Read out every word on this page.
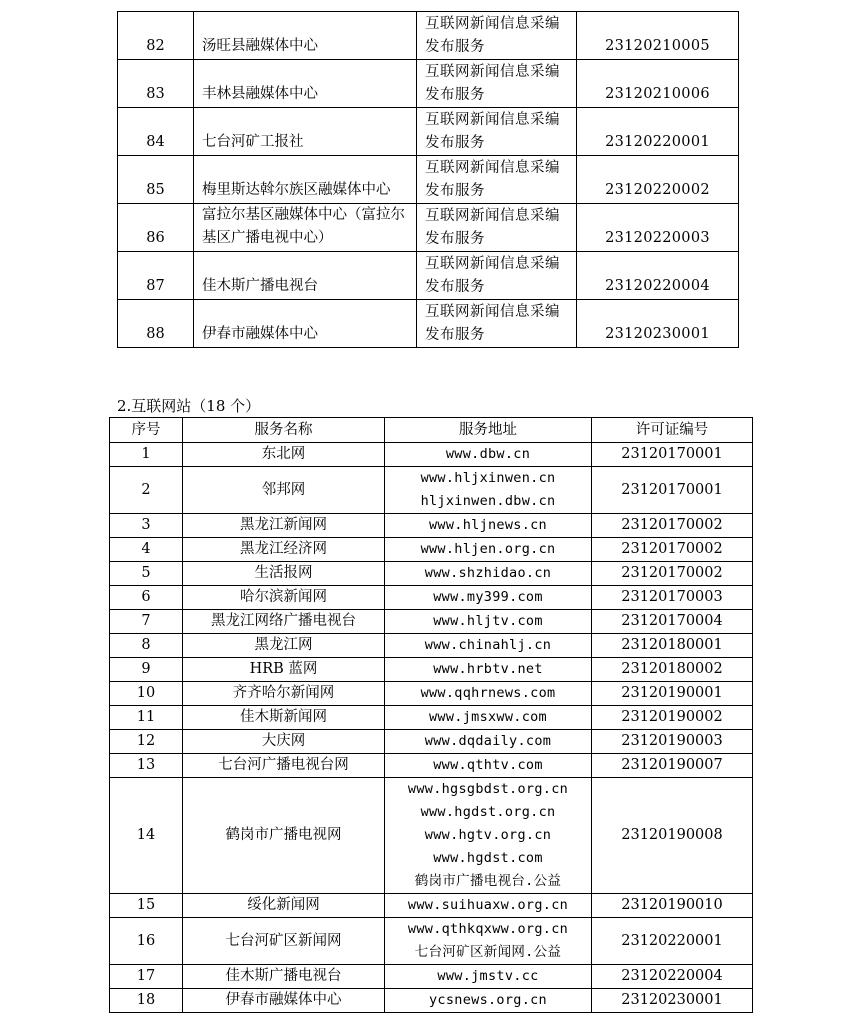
82	汤旺县融媒体中心	互联网新闻信息采编发布服务	23120210005
83	丰林县融媒体中心	互联网新闻信息采编发布服务	23120210006
84	七台河矿工报社	互联网新闻信息采编发布服务	23120220001
85	梅里斯达斡尔族区融媒体中心	互联网新闻信息采编发布服务	23120220002
86	富拉尔基区融媒体中心（富拉尔基区广播电视中心）	互联网新闻信息采编发布服务	23120220003
87	佳木斯广播电视台	互联网新闻信息采编发布服务	23120220004
88	伊春市融媒体中心	互联网新闻信息采编发布服务	23120230001
2.互联网站（18 个）
序号	服务名称	服务地址	许可证编号
1	东北网	www.dbw.cn	23120170001
2	邻邦网	www.hljxinwen.cn
hljxinwen.dbw.cn	23120170001
3	黑龙江新闻网	www.hljnews.cn	23120170002
4	黑龙江经济网	www.hljen.org.cn	23120170002
5	生活报网	www.shzhidao.cn	23120170002
6	哈尔滨新闻网	www.my399.com	23120170003
7	黑龙江网络广播电视台	www.hljtv.com	23120170004
8	黑龙江网	www.chinahlj.cn	23120180001
9	HRB 蓝网	www.hrbtv.net	23120180002
10	齐齐哈尔新闻网	www.qqhrnews.com	23120190001
11	佳木斯新闻网	www.jmsxww.com	23120190002
12	大庆网	www.dqdaily.com	23120190003
13	七台河广播电视台网	www.qthtv.com	23120190007
14	鹤岗市广播电视网	www.hgsgbdst.org.cn
www.hgdst.org.cn
www.hgtv.org.cn
www.hgdst.com
鹤岗市广播电视台.公益	23120190008
15	绥化新闻网	www.suihuaxw.org.cn	23120190010
16	七台河矿区新闻网	www.qthkqxww.org.cn
七台河矿区新闻网.公益	23120220001
17	佳木斯广播电视台	www.jmstv.cc	23120220004
18	伊春市融媒体中心	ycsnews.org.cn	23120230001
